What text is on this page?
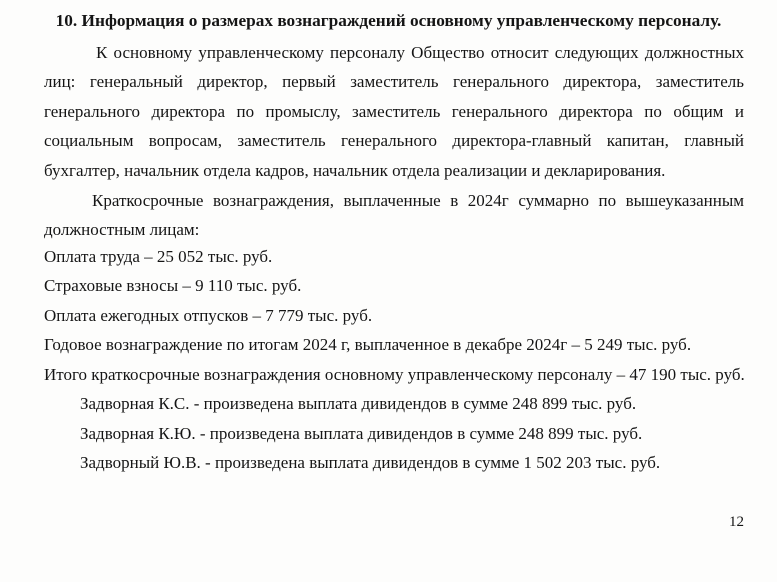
10. Информация о размерах вознаграждений основному управленческому персоналу.
К основному управленческому персоналу Общество относит следующих должностных лиц: генеральный директор, первый заместитель генерального директора, заместитель генерального директора по промыслу, заместитель генерального директора по общим и социальным вопросам, заместитель генерального директора-главный капитан, главный бухгалтер, начальник отдела кадров, начальник отдела реализации и декларирования.
Краткосрочные вознаграждения, выплаченные в 2024г суммарно по вышеуказанным должностным лицам:
Оплата труда – 25 052 тыс. руб.
Страховые взносы – 9 110 тыс. руб.
Оплата ежегодных отпусков – 7 779 тыс. руб.
Годовое вознаграждение по итогам 2024 г, выплаченное в декабре 2024г – 5 249 тыс. руб.
Итого краткосрочные вознаграждения основному управленческому персоналу – 47 190 тыс. руб.
Задворная К.С. - произведена выплата дивидендов в сумме 248 899 тыс. руб.
Задворная К.Ю. - произведена выплата дивидендов в сумме 248 899 тыс. руб.
Задворный Ю.В. - произведена выплата дивидендов в сумме 1 502 203 тыс. руб.
12
